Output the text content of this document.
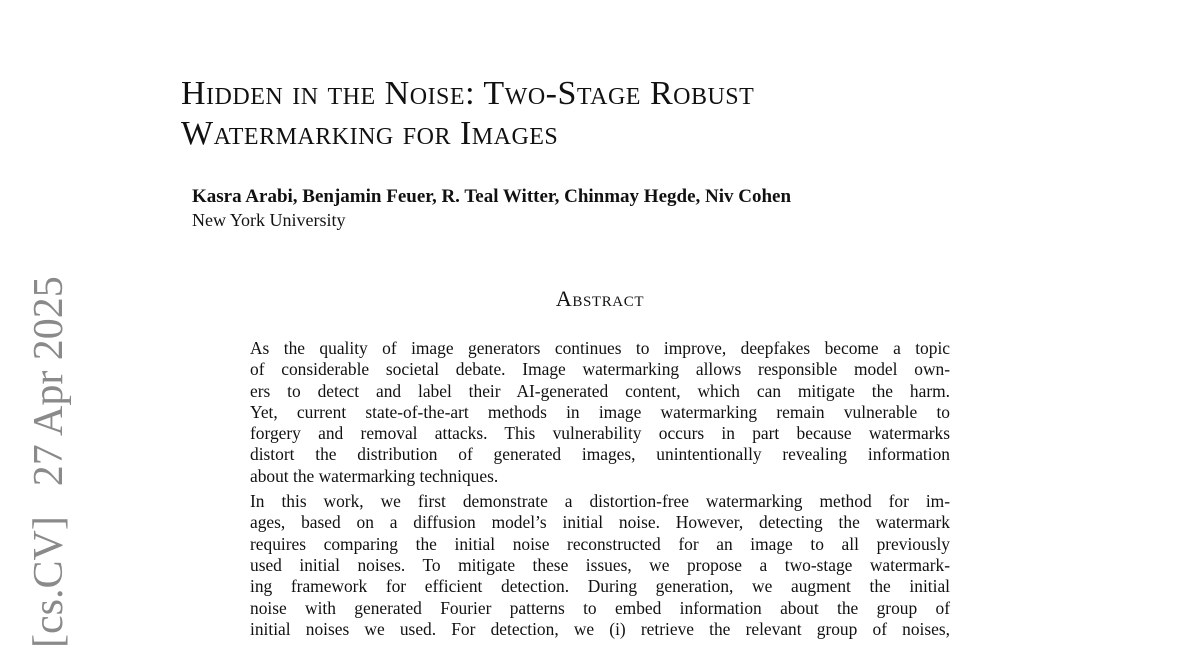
[cs.CV]27 Apr 2025
Hidden in the Noise: Two-Stage Robust
Watermarking for Images
Kasra Arabi, Benjamin Feuer, R. Teal Witter, Chinmay Hegde, Niv Cohen
New York University
Abstract
As the quality of image generators continues to improve, deepfakes become a topic
of considerable societal debate. Image watermarking allows responsible model own-
ers to detect and label their AI-generated content, which can mitigate the harm.
Yet, current state-of-the-art methods in image watermarking remain vulnerable to
forgery and removal attacks. This vulnerability occurs in part because watermarks
distort the distribution of generated images, unintentionally revealing information
about the watermarking techniques.
In this work, we first demonstrate a distortion-free watermarking method for im-
ages, based on a diffusion model’s initial noise. However, detecting the watermark
requires comparing the initial noise reconstructed for an image to all previously
used initial noises. To mitigate these issues, we propose a two-stage watermark-
ing framework for efficient detection. During generation, we augment the initial
noise with generated Fourier patterns to embed information about the group of
initial noises we used. For detection, we (i) retrieve the relevant group of noises,
